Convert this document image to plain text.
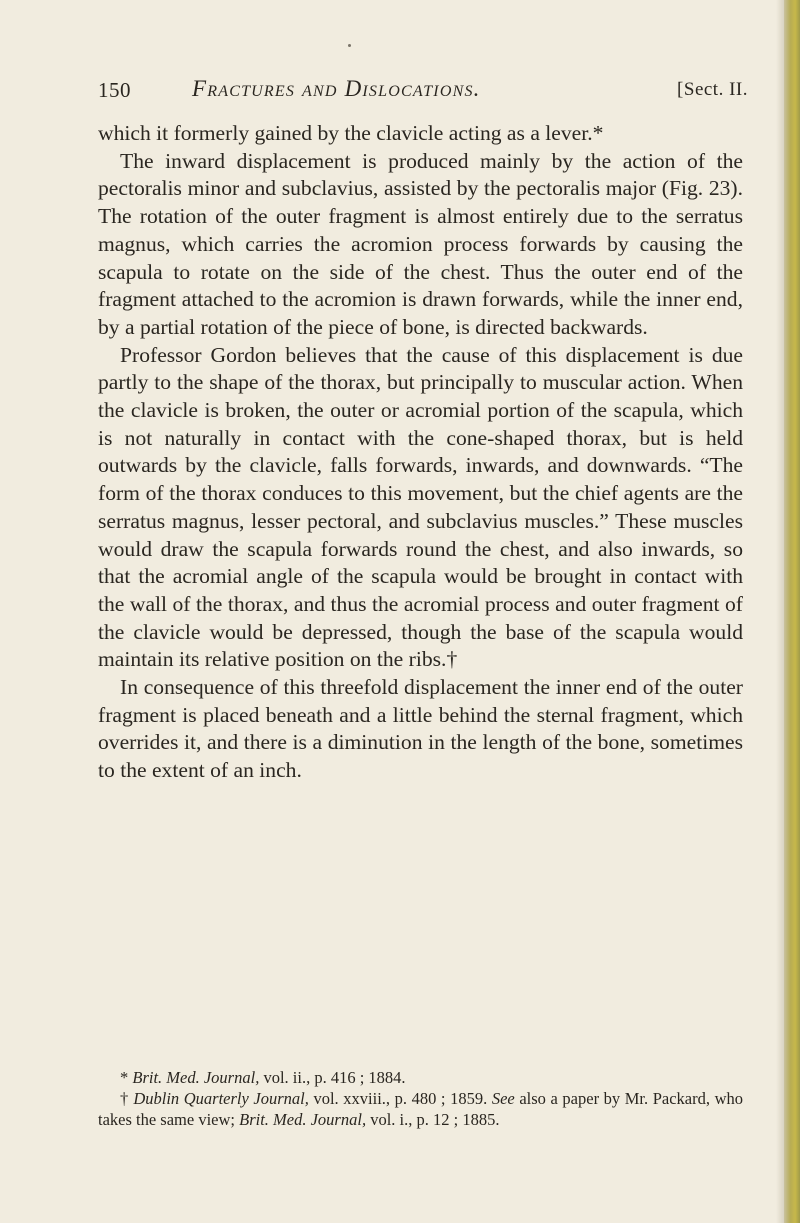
150	Fractures and Dislocations.	[Sect. II.

which it formerly gained by the clavicle acting as a lever.*

The inward displacement is produced mainly by the action of the pectoralis minor and subclavius, assisted by the pectoralis major (Fig. 23). The rotation of the outer fragment is almost entirely due to the serratus magnus, which carries the acromion process forwards by causing the scapula to rotate on the side of the chest. Thus the outer end of the fragment attached to the acromion is drawn forwards, while the inner end, by a partial rotation of the piece of bone, is directed backwards.

Professor Gordon believes that the cause of this displacement is due partly to the shape of the thorax, but principally to muscular action. When the clavicle is broken, the outer or acromial portion of the scapula, which is not naturally in contact with the cone-shaped thorax, but is held outwards by the clavicle, falls forwards, inwards, and downwards. “The form of the thorax conduces to this movement, but the chief agents are the serratus magnus, lesser pectoral, and subclavius muscles.” These muscles would draw the scapula forwards round the chest, and also inwards, so that the acromial angle of the scapula would be brought in contact with the wall of the thorax, and thus the acromial process and outer fragment of the clavicle would be depressed, though the base of the scapula would maintain its relative position on the ribs.†

In consequence of this threefold displacement the inner end of the outer fragment is placed beneath and a little behind the sternal fragment, which overrides it, and there is a diminution in the length of the bone, sometimes to the extent of an inch.

* Brit. Med. Journal, vol. ii., p. 416 ; 1884.

† Dublin Quarterly Journal, vol. xxviii., p. 480 ; 1859. See also a paper by Mr. Packard, who takes the same view; Brit. Med. Journal, vol. i., p. 12 ; 1885.
